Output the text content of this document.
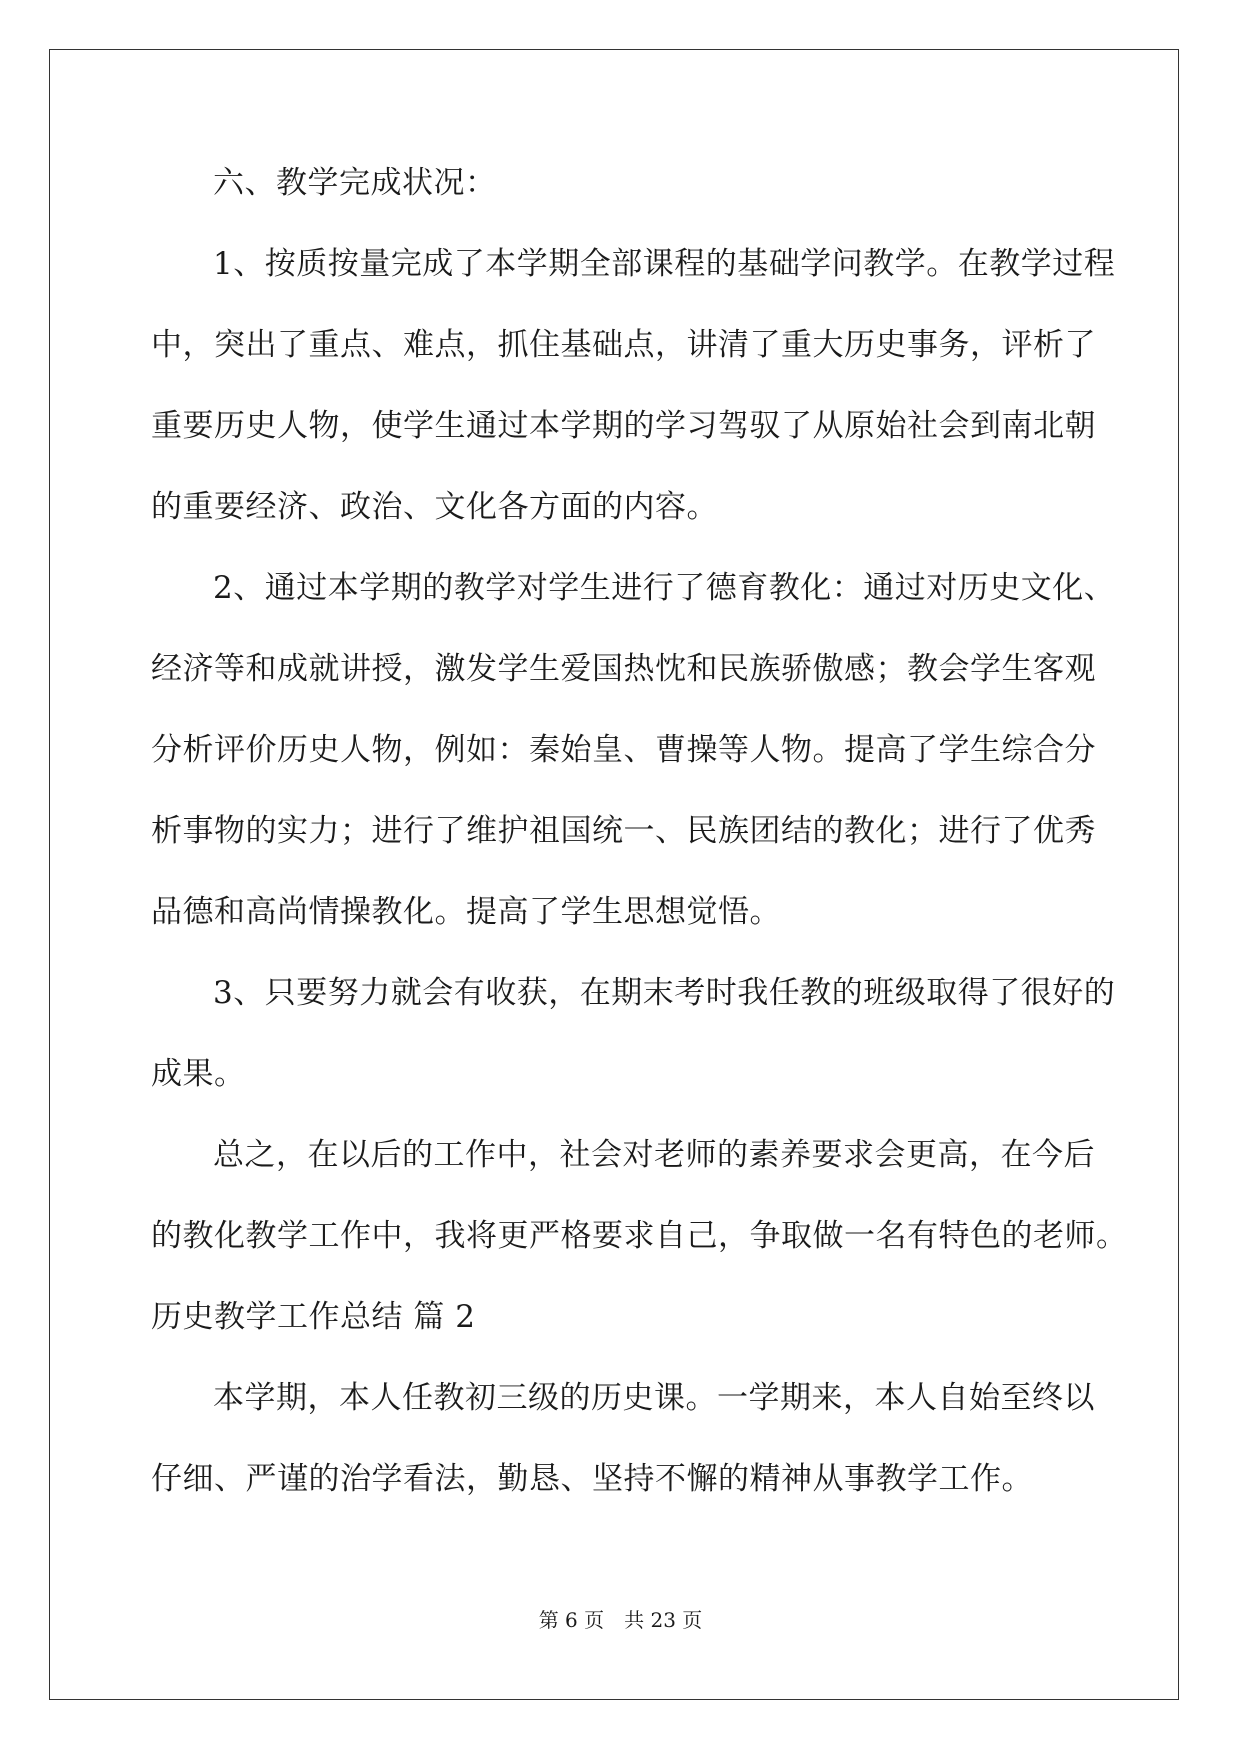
六、教学完成状况：
1、按质按量完成了本学期全部课程的基础学问教学。在教学过程
中，突出了重点、难点，抓住基础点，讲清了重大历史事务，评析了
重要历史人物，使学生通过本学期的学习驾驭了从原始社会到南北朝
的重要经济、政治、文化各方面的内容。
2、通过本学期的教学对学生进行了德育教化：通过对历史文化、
经济等和成就讲授，激发学生爱国热忱和民族骄傲感；教会学生客观
分析评价历史人物，例如：秦始皇、曹操等人物。提高了学生综合分
析事物的实力；进行了维护祖国统一、民族团结的教化；进行了优秀
品德和高尚情操教化。提高了学生思想觉悟。
3、只要努力就会有收获，在期末考时我任教的班级取得了很好的
成果。
总之，在以后的工作中，社会对老师的素养要求会更高，在今后
的教化教学工作中，我将更严格要求自己，争取做一名有特色的老师。
历史教学工作总结 篇 2
本学期，本人任教初三级的历史课。一学期来，本人自始至终以
仔细、严谨的治学看法，勤恳、坚持不懈的精神从事教学工作。
第 6 页 共 23 页
